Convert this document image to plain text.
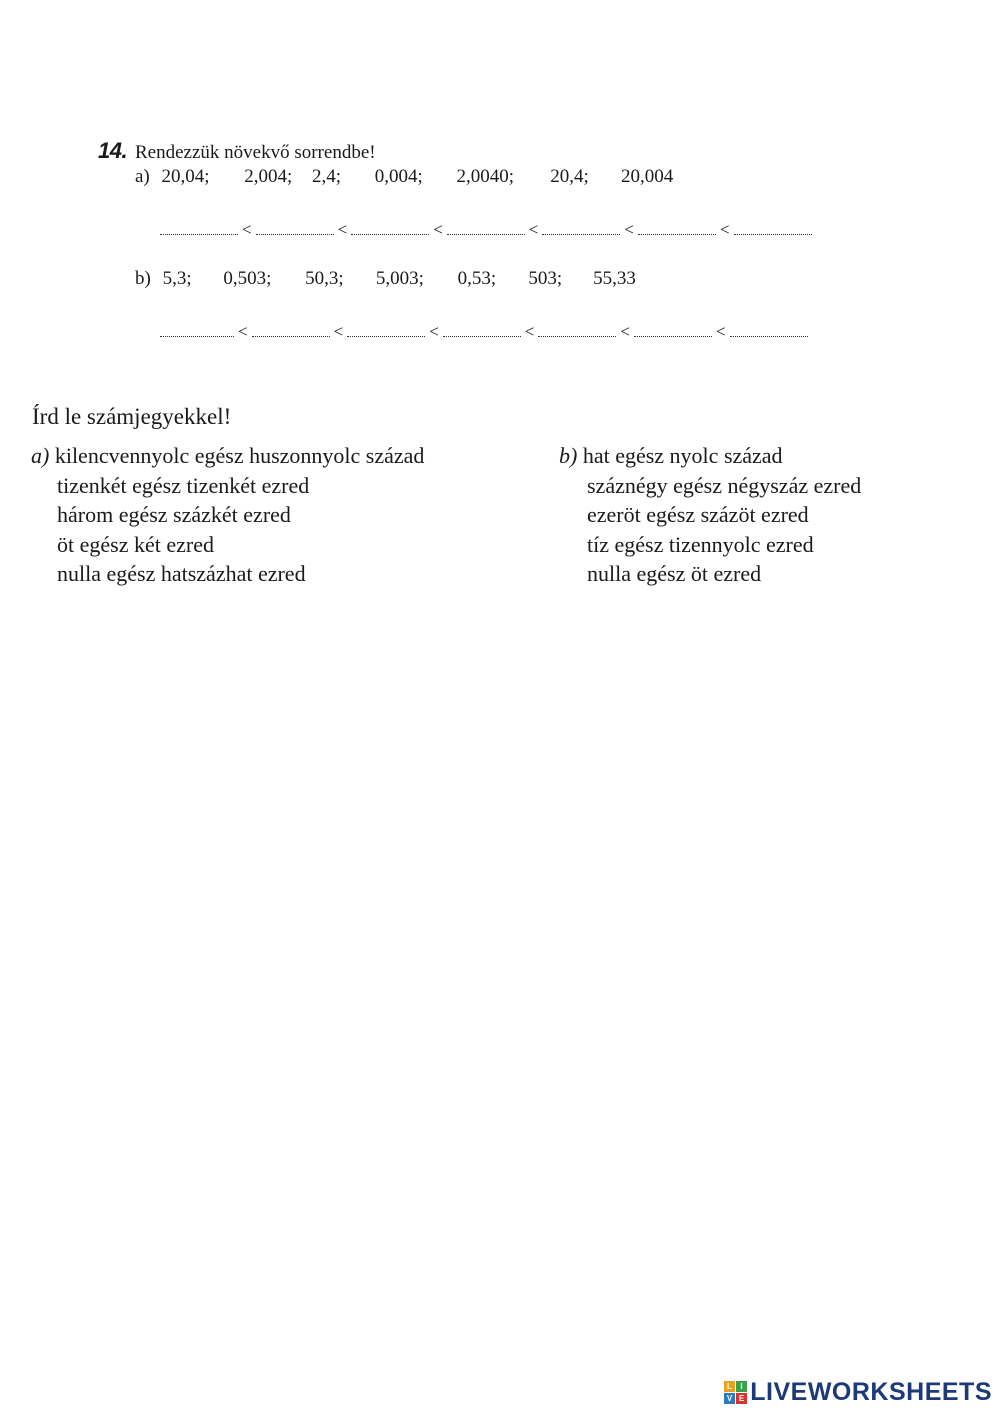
14. Rendezzük növekvő sorrendbe!
a) 20,04; 2,004; 2,4; 0,004; 2,0040; 20,4; 20,004
<	<	<	<	<	<
b) 5,3; 0,503; 50,3; 5,003; 0,53; 503; 55,33
<	<	<	<	<	<
Írd le számjegyekkel!
a) kilencvennyolc egész huszonnyolc század
tizenkét egész tizenkét ezred
három egész százkét ezred
öt egész két ezred
nulla egész hatszázhat ezred
b) hat egész nyolc század
száznégy egész négyszáz ezred
ezeröt egész százöt ezred
tíz egész tizennyolc ezred
nulla egész öt ezred
L I
V E LIVEWORKSHEETS
